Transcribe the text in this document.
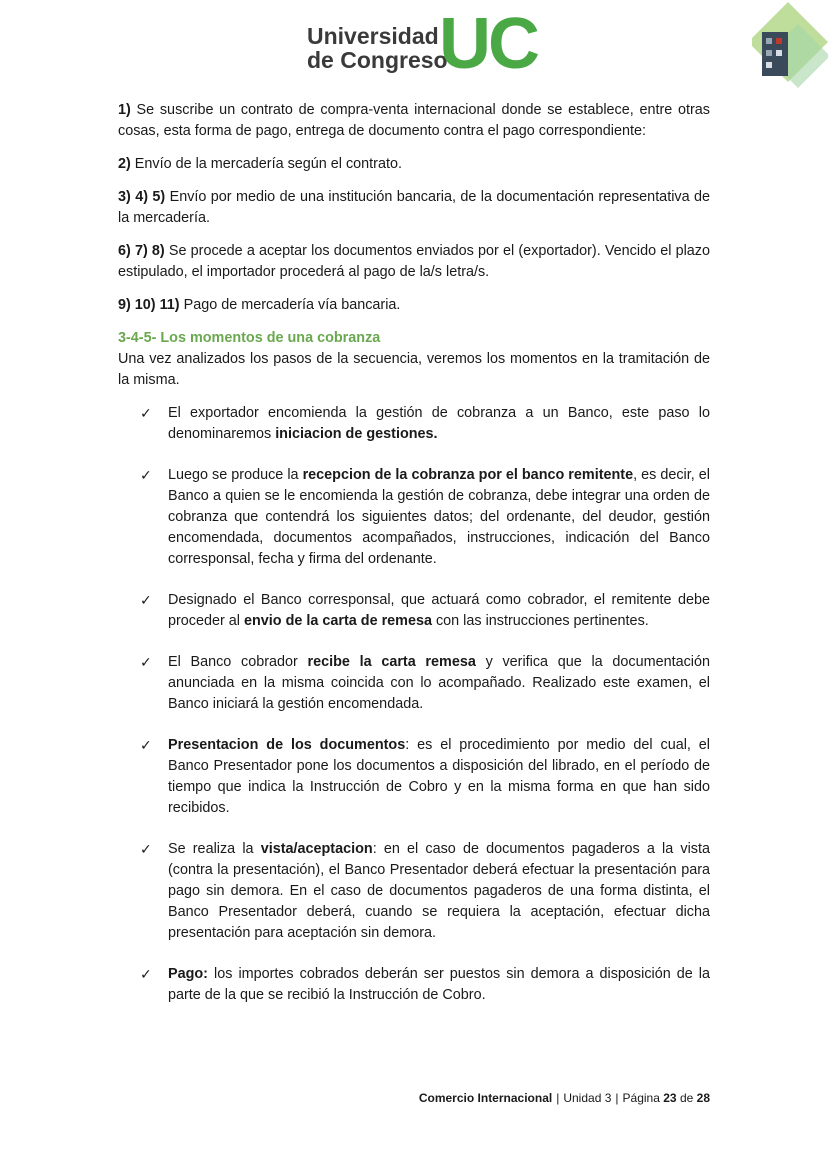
Universidad
de Congreso
UC

1) Se suscribe un contrato de compra-venta internacional donde se establece, entre otras cosas, esta forma de pago, entrega de documento contra el pago correspondiente:

2) Envío de la mercadería según el contrato.

3) 4) 5) Envío por medio de una institución bancaria, de la documentación representativa de la mercadería.

6) 7) 8) Se procede a aceptar los documentos enviados por el (exportador). Vencido el plazo estipulado, el importador procederá al pago de la/s letra/s.

9) 10) 11) Pago de mercadería vía bancaria.

3-4-5- Los momentos de una cobranza

Una vez analizados los pasos de la secuencia, veremos los momentos en la tramitación de la misma.

✓ El exportador encomienda la gestión de cobranza a un Banco, este paso lo denominaremos iniciacion de gestiones.
✓ Luego se produce la recepcion de la cobranza por el banco remitente, es decir, el Banco a quien se le encomienda la gestión de cobranza, debe integrar una orden de cobranza que contendrá los siguientes datos; del ordenante, del deudor, gestión encomendada, documentos acompañados, instrucciones, indicación del Banco corresponsal, fecha y firma del ordenante.
✓ Designado el Banco corresponsal, que actuará como cobrador, el remitente debe proceder al envio de la carta de remesa con las instrucciones pertinentes.
✓ El Banco cobrador recibe la carta remesa y verifica que la documentación anunciada en la misma coincida con lo acompañado. Realizado este examen, el Banco iniciará la gestión encomendada.
✓ Presentacion de los documentos: es el procedimiento por medio del cual, el Banco Presentador pone los documentos a disposición del librado, en el período de tiempo que indica la Instrucción de Cobro y en la misma forma en que han sido recibidos.
✓ Se realiza la vista/aceptacion: en el caso de documentos pagaderos a la vista (contra la presentación), el Banco Presentador deberá efectuar la presentación para pago sin demora. En el caso de documentos pagaderos de una forma distinta, el Banco Presentador deberá, cuando se requiera la aceptación, efectuar dicha presentación para aceptación sin demora.
✓ Pago: los importes cobrados deberán ser puestos sin demora a disposición de la parte de la que se recibió la Instrucción de Cobro.
Comercio Internacional | Unidad 3 | Página 23 de 28
